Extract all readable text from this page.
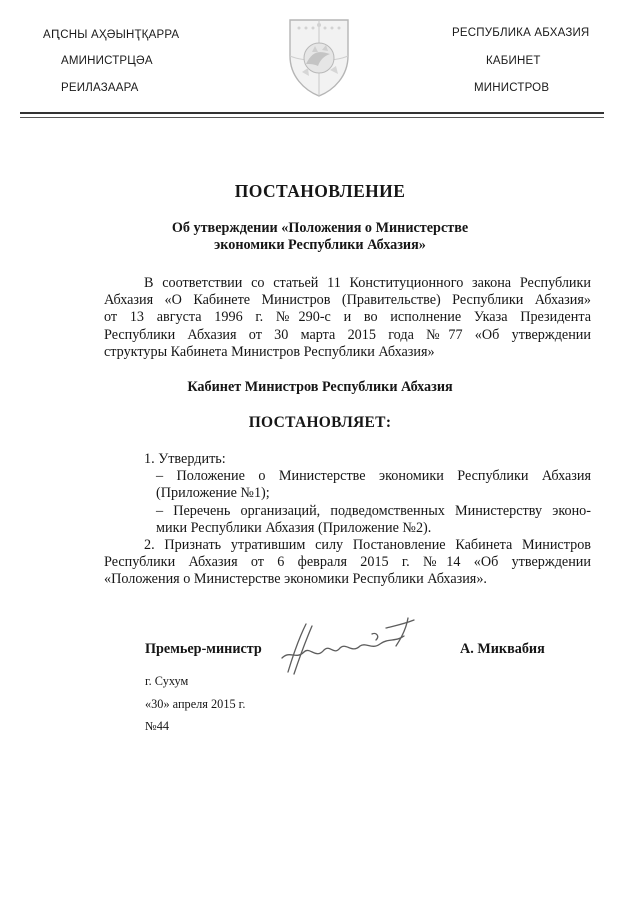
АԤСНЫ АҲӘЫНҬҚАРРА
АМИНИСТРЦӘА
РЕИЛАЗААРА
РЕСПУБЛИКА АБХАЗИЯ
КАБИНЕТ
МИНИСТРОВ
ПОСТАНОВЛЕНИЕ
Об утверждении «Положения о Министерстве
экономики Республики Абхазия»
В соответствии со статьей 11 Конституционного закона Республики
Абхазия «О Кабинете Министров (Правительстве) Республики Абхазия»
от 13 августа 1996 г. №290-с и во исполнение Указа Президента
Республики Абхазия от 30 марта 2015 года №77 «Об утверждении
структуры Кабинета Министров Республики Абхазия»
Кабинет Министров Республики Абхазия
ПОСТАНОВЛЯЕТ:
1. Утвердить:
– Положение о Министерстве экономики Республики Абхазия
(Приложение №1);
– Перечень организаций, подведомственных Министерству эконо-
мики Республики Абхазия (Приложение №2).
2. Признать утратившим силу Постановление Кабинета Министров
Республики Абхазия от 6 февраля 2015 г. №14 «Об утверждении
«Положения о Министерстве экономики Республики Абхазия».
Премьер-министр	А. Миквабия
г. Сухум
«30» апреля 2015 г.
№44
